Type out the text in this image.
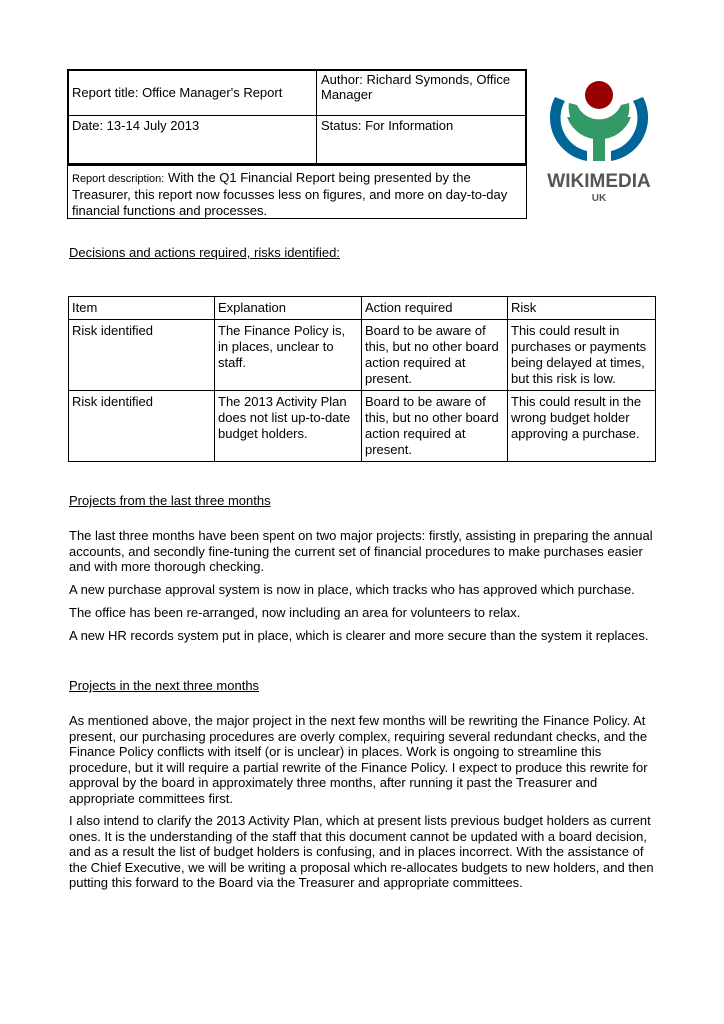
Report title: Office Manager's Report	Author: Richard Symonds, Office Manager
Date: 13-14 July 2013	Status: For Information
Report description: With the Q1 Financial Report being presented by the Treasurer, this report now focusses less on figures, and more on day-to-day financial functions and processes.
WIKIMEDIA
UK
Decisions and actions required, risks identified:
Item	Explanation	Action required	Risk
Risk identified	The Finance Policy is, in places, unclear to staff.	Board to be aware of this, but no other board action required at present.	This could result in purchases or payments being delayed at times, but this risk is low.
Risk identified	The 2013 Activity Plan does not list up-to-date budget holders.	Board to be aware of this, but no other board action required at present.	This could result in the wrong budget holder approving a purchase.
Projects from the last three months

The last three months have been spent on two major projects: firstly, assisting in preparing the annual accounts, and secondly fine-tuning the current set of financial procedures to make purchases easier and with more thorough checking.

A new purchase approval system is now in place, which tracks who has approved which purchase.

The office has been re-arranged, now including an area for volunteers to relax.

A new HR records system put in place, which is clearer and more secure than the system it replaces.

Projects in the next three months

As mentioned above, the major project in the next few months will be rewriting the Finance Policy. At present, our purchasing procedures are overly complex, requiring several redundant checks, and the Finance Policy conflicts with itself (or is unclear) in places. Work is ongoing to streamline this procedure, but it will require a partial rewrite of the Finance Policy. I expect to produce this rewrite for approval by the board in approximately three months, after running it past the Treasurer and appropriate committees first.

I also intend to clarify the 2013 Activity Plan, which at present lists previous budget holders as current ones. It is the understanding of the staff that this document cannot be updated with a board decision, and as a result the list of budget holders is confusing, and in places incorrect. With the assistance of the Chief Executive, we will be writing a proposal which re-allocates budgets to new holders, and then putting this forward to the Board via the Treasurer and appropriate committees.
